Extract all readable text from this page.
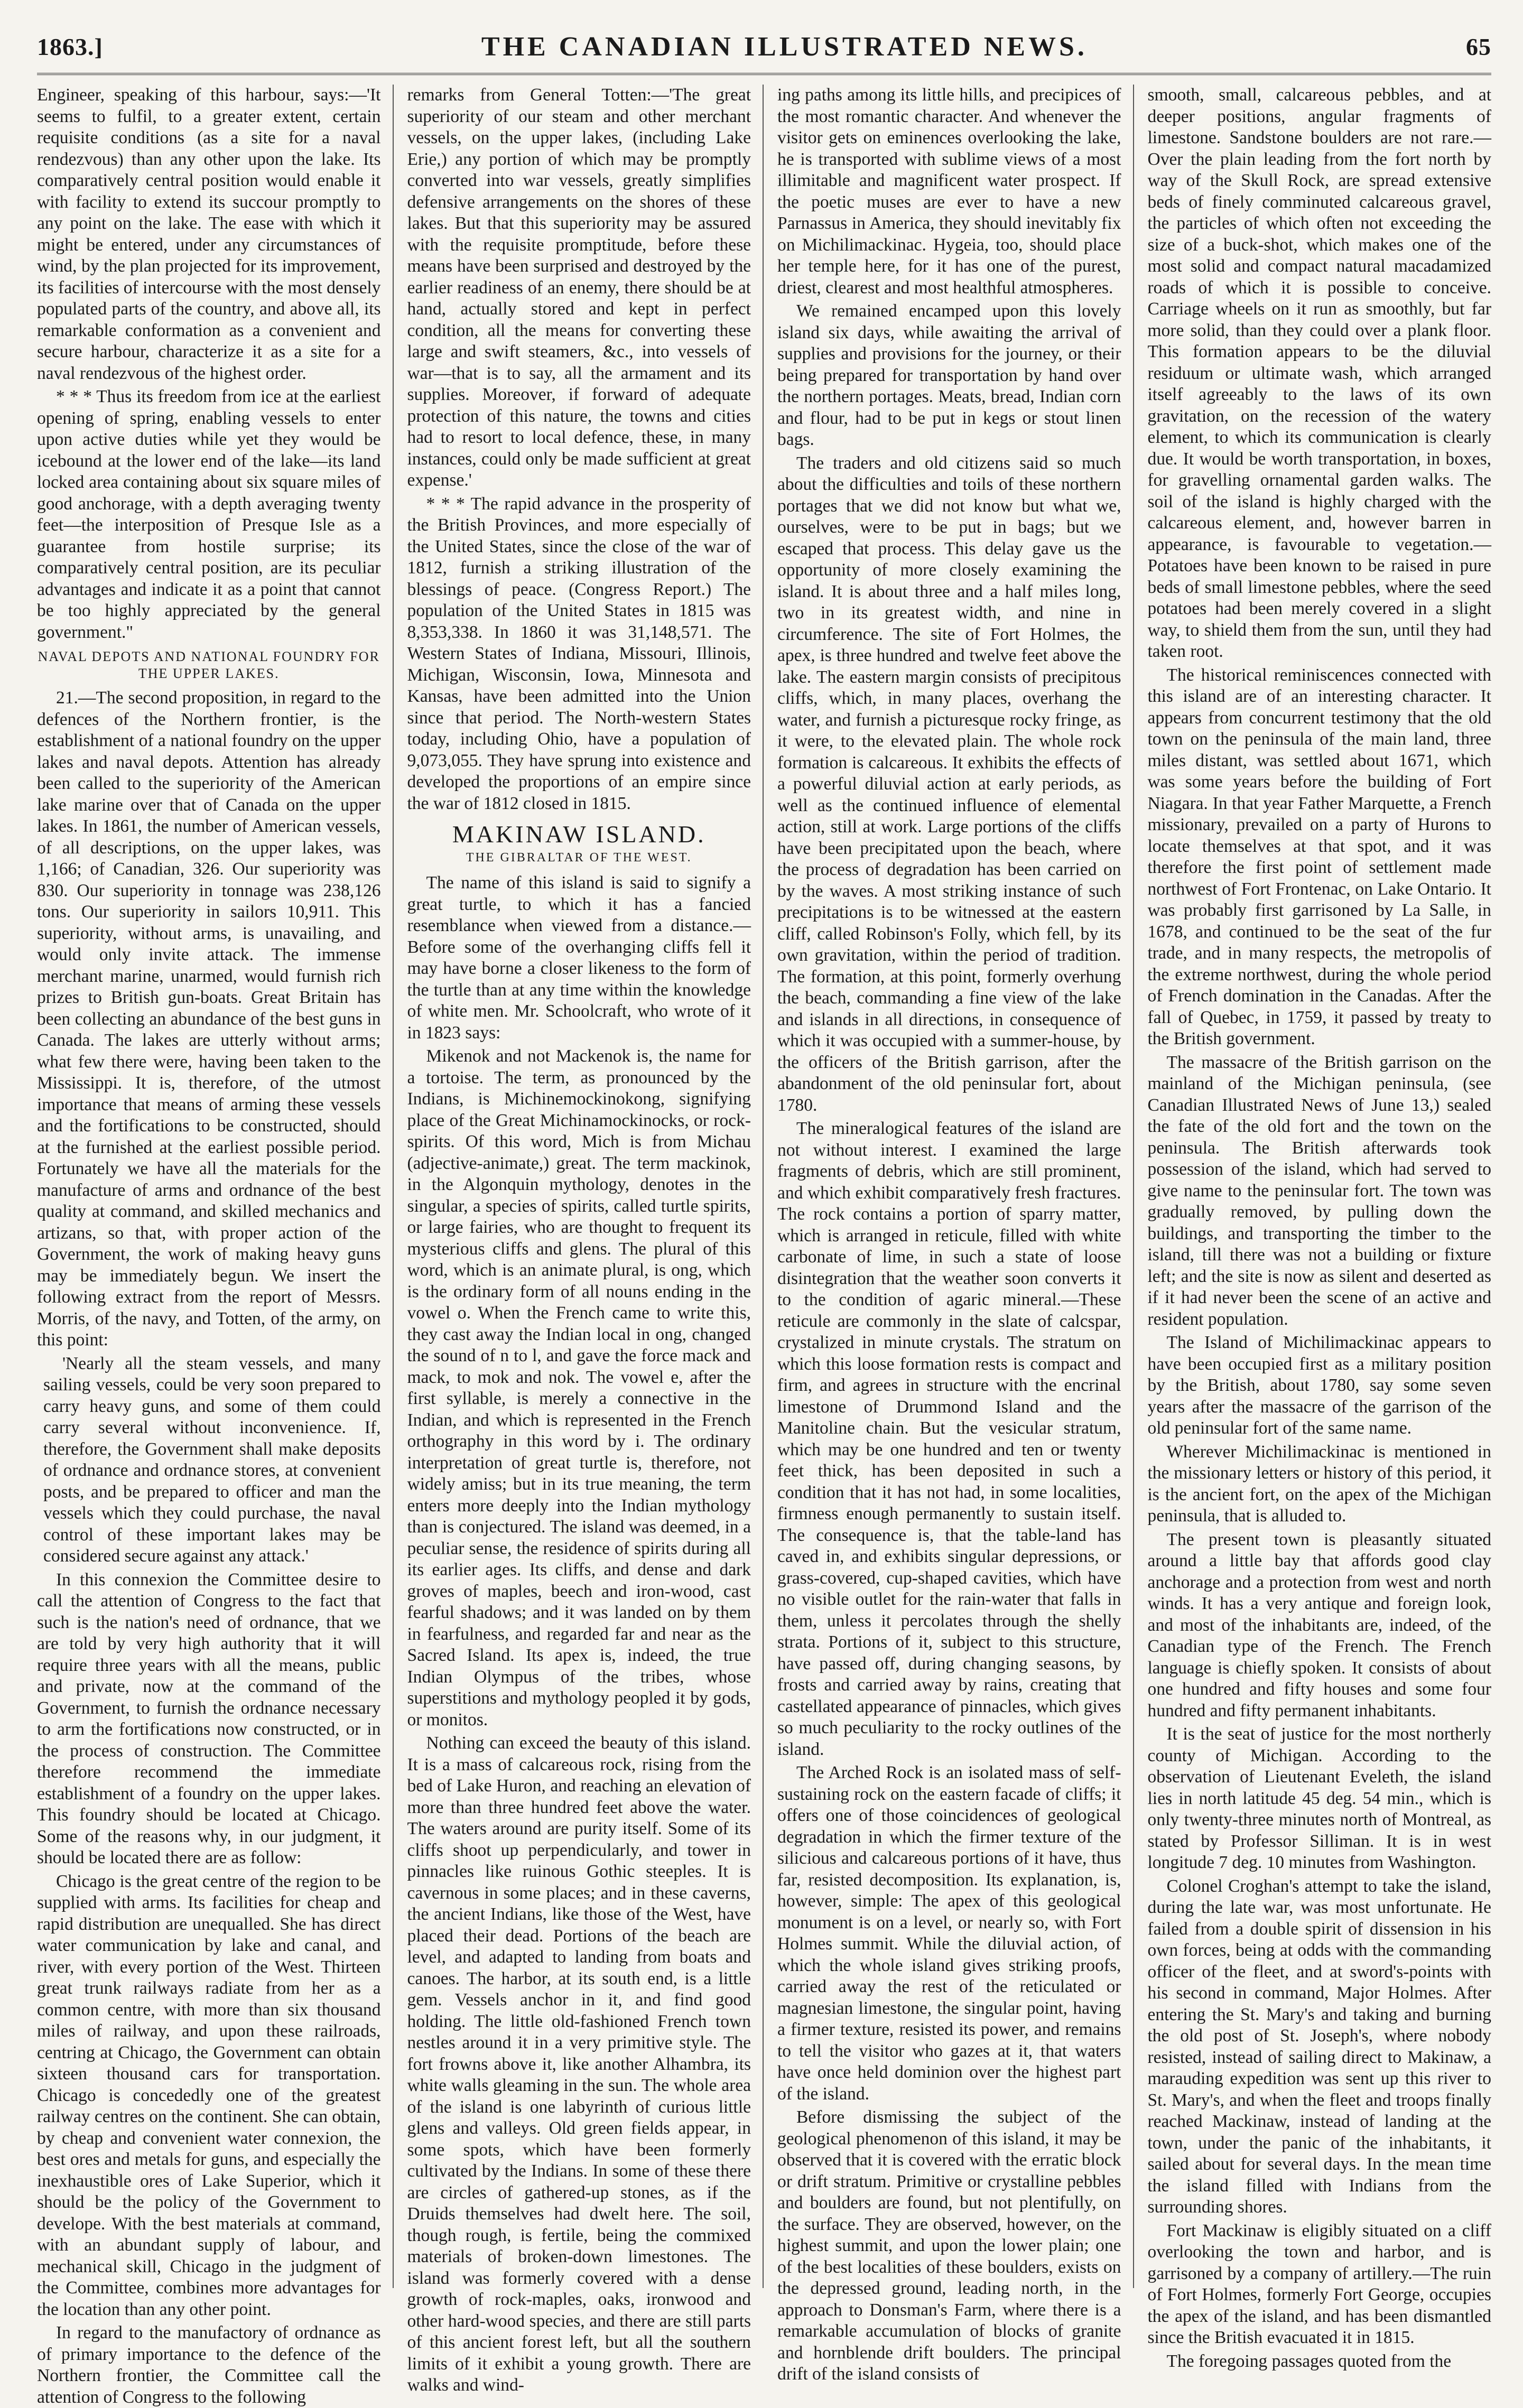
1863.]	THE CANADIAN ILLUSTRATED NEWS.	65

Engineer, speaking of this harbour, says:—'It seems to fulfil, to a greater extent, certain requisite conditions (as a site for a naval rendezvous) than any other upon the lake. Its comparatively central position would enable it with facility to extend its succour promptly to any point on the lake. The ease with which it might be entered, under any circumstances of wind, by the plan projected for its improvement, its facilities of intercourse with the most densely populated parts of the country, and above all, its remarkable conformation as a convenient and secure harbour, characterize it as a site for a naval rendezvous of the highest order.

* * * Thus its freedom from ice at the earliest opening of spring, enabling vessels to enter upon active duties while yet they would be icebound at the lower end of the lake—its land locked area containing about six square miles of good anchorage, with a depth averaging twenty feet—the interposition of Presque Isle as a guarantee from hostile surprise; its comparatively central position, are its peculiar advantages and indicate it as a point that cannot be too highly appreciated by the general government."

NAVAL DEPOTS AND NATIONAL FOUNDRY FOR THE UPPER LAKES.

21.—The second proposition, in regard to the defences of the Northern frontier, is the establishment of a national foundry on the upper lakes and naval depots. Attention has already been called to the superiority of the American lake marine over that of Canada on the upper lakes. In 1861, the number of American vessels, of all descriptions, on the upper lakes, was 1,166; of Canadian, 326. Our superiority was 830. Our superiority in tonnage was 238,126 tons. Our superiority in sailors 10,911. This superiority, without arms, is unavailing, and would only invite attack. The immense merchant marine, unarmed, would furnish rich prizes to British gun-boats. Great Britain has been collecting an abundance of the best guns in Canada. The lakes are utterly without arms; what few there were, having been taken to the Mississippi. It is, therefore, of the utmost importance that means of arming these vessels and the fortifications to be constructed, should at the furnished at the earliest possible period. Fortunately we have all the materials for the manufacture of arms and ordnance of the best quality at command, and skilled mechanics and artizans, so that, with proper action of the Government, the work of making heavy guns may be immediately begun. We insert the following extract from the report of Messrs. Morris, of the navy, and Totten, of the army, on this point:

'Nearly all the steam vessels, and many sailing vessels, could be very soon prepared to carry heavy guns, and some of them could carry several without inconvenience. If, therefore, the Government shall make deposits of ordnance and ordnance stores, at convenient posts, and be prepared to officer and man the vessels which they could purchase, the naval control of these important lakes may be considered secure against any attack.'

In this connexion the Committee desire to call the attention of Congress to the fact that such is the nation's need of ordnance, that we are told by very high authority that it will require three years with all the means, public and private, now at the command of the Government, to furnish the ordnance necessary to arm the fortifications now constructed, or in the process of construction. The Committee therefore recommend the immediate establishment of a foundry on the upper lakes. This foundry should be located at Chicago. Some of the reasons why, in our judgment, it should be located there are as follow:

Chicago is the great centre of the region to be supplied with arms. Its facilities for cheap and rapid distribution are unequalled. She has direct water communication by lake and canal, and river, with every portion of the West. Thirteen great trunk railways radiate from her as a common centre, with more than six thousand miles of railway, and upon these railroads, centring at Chicago, the Government can obtain sixteen thousand cars for transportation. Chicago is concededly one of the greatest railway centres on the continent. She can obtain, by cheap and convenient water connexion, the best ores and metals for guns, and especially the inexhaustible ores of Lake Superior, which it should be the policy of the Government to develope. With the best materials at command, with an abundant supply of labour, and mechanical skill, Chicago in the judgment of the Committee, combines more advantages for the location than any other point.

In regard to the manufactory of ordnance as of primary importance to the defence of the Northern frontier, the Committee call the attention of Congress to the following

remarks from General Totten:—'The great superiority of our steam and other merchant vessels, on the upper lakes, (including Lake Erie,) any portion of which may be promptly converted into war vessels, greatly simplifies defensive arrangements on the shores of these lakes. But that this superiority may be assured with the requisite promptitude, before these means have been surprised and destroyed by the earlier readiness of an enemy, there should be at hand, actually stored and kept in perfect condition, all the means for converting these large and swift steamers, &c., into vessels of war—that is to say, all the armament and its supplies. Moreover, if forward of adequate protection of this nature, the towns and cities had to resort to local defence, these, in many instances, could only be made sufficient at great expense.'

* * * The rapid advance in the prosperity of the British Provinces, and more especially of the United States, since the close of the war of 1812, furnish a striking illustration of the blessings of peace. (Congress Report.) The population of the United States in 1815 was 8,353,338. In 1860 it was 31,148,571. The Western States of Indiana, Missouri, Illinois, Michigan, Wisconsin, Iowa, Minnesota and Kansas, have been admitted into the Union since that period. The North-western States today, including Ohio, have a population of 9,073,055. They have sprung into existence and developed the proportions of an empire since the war of 1812 closed in 1815.

MAKINAW ISLAND.
THE GIBRALTAR OF THE WEST.

The name of this island is said to signify a great turtle, to which it has a fancied resemblance when viewed from a distance.—Before some of the overhanging cliffs fell it may have borne a closer likeness to the form of the turtle than at any time within the knowledge of white men. Mr. Schoolcraft, who wrote of it in 1823 says:

Mikenok and not Mackenok is, the name for a tortoise. The term, as pronounced by the Indians, is Michinemockinokong, signifying place of the Great Michinamockinocks, or rock-spirits. Of this word, Mich is from Michau (adjective-animate,) great. The term mackinok, in the Algonquin mythology, denotes in the singular, a species of spirits, called turtle spirits, or large fairies, who are thought to frequent its mysterious cliffs and glens. The plural of this word, which is an animate plural, is ong, which is the ordinary form of all nouns ending in the vowel o. When the French came to write this, they cast away the Indian local in ong, changed the sound of n to l, and gave the force mack and mack, to mok and nok. The vowel e, after the first syllable, is merely a connective in the Indian, and which is represented in the French orthography in this word by i. The ordinary interpretation of great turtle is, therefore, not widely amiss; but in its true meaning, the term enters more deeply into the Indian mythology than is conjectured. The island was deemed, in a peculiar sense, the residence of spirits during all its earlier ages. Its cliffs, and dense and dark groves of maples, beech and iron-wood, cast fearful shadows; and it was landed on by them in fearfulness, and regarded far and near as the Sacred Island. Its apex is, indeed, the true Indian Olympus of the tribes, whose superstitions and mythology peopled it by gods, or monitos.

Nothing can exceed the beauty of this island. It is a mass of calcareous rock, rising from the bed of Lake Huron, and reaching an elevation of more than three hundred feet above the water. The waters around are purity itself. Some of its cliffs shoot up perpendicularly, and tower in pinnacles like ruinous Gothic steeples. It is cavernous in some places; and in these caverns, the ancient Indians, like those of the West, have placed their dead. Portions of the beach are level, and adapted to landing from boats and canoes. The harbor, at its south end, is a little gem. Vessels anchor in it, and find good holding. The little old-fashioned French town nestles around it in a very primitive style. The fort frowns above it, like another Alhambra, its white walls gleaming in the sun. The whole area of the island is one labyrinth of curious little glens and valleys. Old green fields appear, in some spots, which have been formerly cultivated by the Indians. In some of these there are circles of gathered-up stones, as if the Druids themselves had dwelt here. The soil, though rough, is fertile, being the commixed materials of broken-down limestones. The island was formerly covered with a dense growth of rock-maples, oaks, ironwood and other hard-wood species, and there are still parts of this ancient forest left, but all the southern limits of it exhibit a young growth. There are walks and wind-

ing paths among its little hills, and precipices of the most romantic character. And whenever the visitor gets on eminences overlooking the lake, he is transported with sublime views of a most illimitable and magnificent water prospect. If the poetic muses are ever to have a new Parnassus in America, they should inevitably fix on Michilimackinac. Hygeia, too, should place her temple here, for it has one of the purest, driest, clearest and most healthful atmospheres.

We remained encamped upon this lovely island six days, while awaiting the arrival of supplies and provisions for the journey, or their being prepared for transportation by hand over the northern portages. Meats, bread, Indian corn and flour, had to be put in kegs or stout linen bags.

The traders and old citizens said so much about the difficulties and toils of these northern portages that we did not know but what we, ourselves, were to be put in bags; but we escaped that process. This delay gave us the opportunity of more closely examining the island. It is about three and a half miles long, two in its greatest width, and nine in circumference. The site of Fort Holmes, the apex, is three hundred and twelve feet above the lake. The eastern margin consists of precipitous cliffs, which, in many places, overhang the water, and furnish a picturesque rocky fringe, as it were, to the elevated plain. The whole rock formation is calcareous. It exhibits the effects of a powerful diluvial action at early periods, as well as the continued influence of elemental action, still at work. Large portions of the cliffs have been precipitated upon the beach, where the process of degradation has been carried on by the waves. A most striking instance of such precipitations is to be witnessed at the eastern cliff, called Robinson's Folly, which fell, by its own gravitation, within the period of tradition. The formation, at this point, formerly overhung the beach, commanding a fine view of the lake and islands in all directions, in consequence of which it was occupied with a summer-house, by the officers of the British garrison, after the abandonment of the old peninsular fort, about 1780.

The mineralogical features of the island are not without interest. I examined the large fragments of debris, which are still prominent, and which exhibit comparatively fresh fractures. The rock contains a portion of sparry matter, which is arranged in reticule, filled with white carbonate of lime, in such a state of loose disintegration that the weather soon converts it to the condition of agaric mineral.—These reticule are commonly in the slate of calcspar, crystalized in minute crystals. The stratum on which this loose formation rests is compact and firm, and agrees in structure with the encrinal limestone of Drummond Island and the Manitoline chain. But the vesicular stratum, which may be one hundred and ten or twenty feet thick, has been deposited in such a condition that it has not had, in some localities, firmness enough permanently to sustain itself. The consequence is, that the table-land has caved in, and exhibits singular depressions, or grass-covered, cup-shaped cavities, which have no visible outlet for the rain-water that falls in them, unless it percolates through the shelly strata. Portions of it, subject to this structure, have passed off, during changing seasons, by frosts and carried away by rains, creating that castellated appearance of pinnacles, which gives so much peculiarity to the rocky outlines of the island.

The Arched Rock is an isolated mass of self-sustaining rock on the eastern facade of cliffs; it offers one of those coincidences of geological degradation in which the firmer texture of the silicious and calcareous portions of it have, thus far, resisted decomposition. Its explanation, is, however, simple: The apex of this geological monument is on a level, or nearly so, with Fort Holmes summit. While the diluvial action, of which the whole island gives striking proofs, carried away the rest of the reticulated or magnesian limestone, the singular point, having a firmer texture, resisted its power, and remains to tell the visitor who gazes at it, that waters have once held dominion over the highest part of the island.

Before dismissing the subject of the geological phenomenon of this island, it may be observed that it is covered with the erratic block or drift stratum. Primitive or crystalline pebbles and boulders are found, but not plentifully, on the surface. They are observed, however, on the highest summit, and upon the lower plain; one of the best localities of these boulders, exists on the depressed ground, leading north, in the approach to Donsman's Farm, where there is a remarkable accumulation of blocks of granite and hornblende drift boulders. The principal drift of the island consists of

smooth, small, calcareous pebbles, and at deeper positions, angular fragments of limestone. Sandstone boulders are not rare.—Over the plain leading from the fort north by way of the Skull Rock, are spread extensive beds of finely comminuted calcareous gravel, the particles of which often not exceeding the size of a buck-shot, which makes one of the most solid and compact natural macadamized roads of which it is possible to conceive. Carriage wheels on it run as smoothly, but far more solid, than they could over a plank floor. This formation appears to be the diluvial residuum or ultimate wash, which arranged itself agreeably to the laws of its own gravitation, on the recession of the watery element, to which its communication is clearly due. It would be worth transportation, in boxes, for gravelling ornamental garden walks. The soil of the island is highly charged with the calcareous element, and, however barren in appearance, is favourable to vegetation.—Potatoes have been known to be raised in pure beds of small limestone pebbles, where the seed potatoes had been merely covered in a slight way, to shield them from the sun, until they had taken root.

The historical reminiscences connected with this island are of an interesting character. It appears from concurrent testimony that the old town on the peninsula of the main land, three miles distant, was settled about 1671, which was some years before the building of Fort Niagara. In that year Father Marquette, a French missionary, prevailed on a party of Hurons to locate themselves at that spot, and it was therefore the first point of settlement made northwest of Fort Frontenac, on Lake Ontario. It was probably first garrisoned by La Salle, in 1678, and continued to be the seat of the fur trade, and in many respects, the metropolis of the extreme northwest, during the whole period of French domination in the Canadas. After the fall of Quebec, in 1759, it passed by treaty to the British government.

The massacre of the British garrison on the mainland of the Michigan peninsula, (see Canadian Illustrated News of June 13,) sealed the fate of the old fort and the town on the peninsula. The British afterwards took possession of the island, which had served to give name to the peninsular fort. The town was gradually removed, by pulling down the buildings, and transporting the timber to the island, till there was not a building or fixture left; and the site is now as silent and deserted as if it had never been the scene of an active and resident population.

The Island of Michilimackinac appears to have been occupied first as a military position by the British, about 1780, say some seven years after the massacre of the garrison of the old peninsular fort of the same name.

Wherever Michilimackinac is mentioned in the missionary letters or history of this period, it is the ancient fort, on the apex of the Michigan peninsula, that is alluded to.

The present town is pleasantly situated around a little bay that affords good clay anchorage and a protection from west and north winds. It has a very antique and foreign look, and most of the inhabitants are, indeed, of the Canadian type of the French. The French language is chiefly spoken. It consists of about one hundred and fifty houses and some four hundred and fifty permanent inhabitants.

It is the seat of justice for the most northerly county of Michigan. According to the observation of Lieutenant Eveleth, the island lies in north latitude 45 deg. 54 min., which is only twenty-three minutes north of Montreal, as stated by Professor Silliman. It is in west longitude 7 deg. 10 minutes from Washington.

Colonel Croghan's attempt to take the island, during the late war, was most unfortunate. He failed from a double spirit of dissension in his own forces, being at odds with the commanding officer of the fleet, and at sword's-points with his second in command, Major Holmes. After entering the St. Mary's and taking and burning the old post of St. Joseph's, where nobody resisted, instead of sailing direct to Makinaw, a marauding expedition was sent up this river to St. Mary's, and when the fleet and troops finally reached Mackinaw, instead of landing at the town, under the panic of the inhabitants, it sailed about for several days. In the mean time the island filled with Indians from the surrounding shores.

Fort Mackinaw is eligibly situated on a cliff overlooking the town and harbor, and is garrisoned by a company of artillery.—The ruin of Fort Holmes, formerly Fort George, occupies the apex of the island, and has been dismantled since the British evacuated it in 1815.

The foregoing passages quoted from the
